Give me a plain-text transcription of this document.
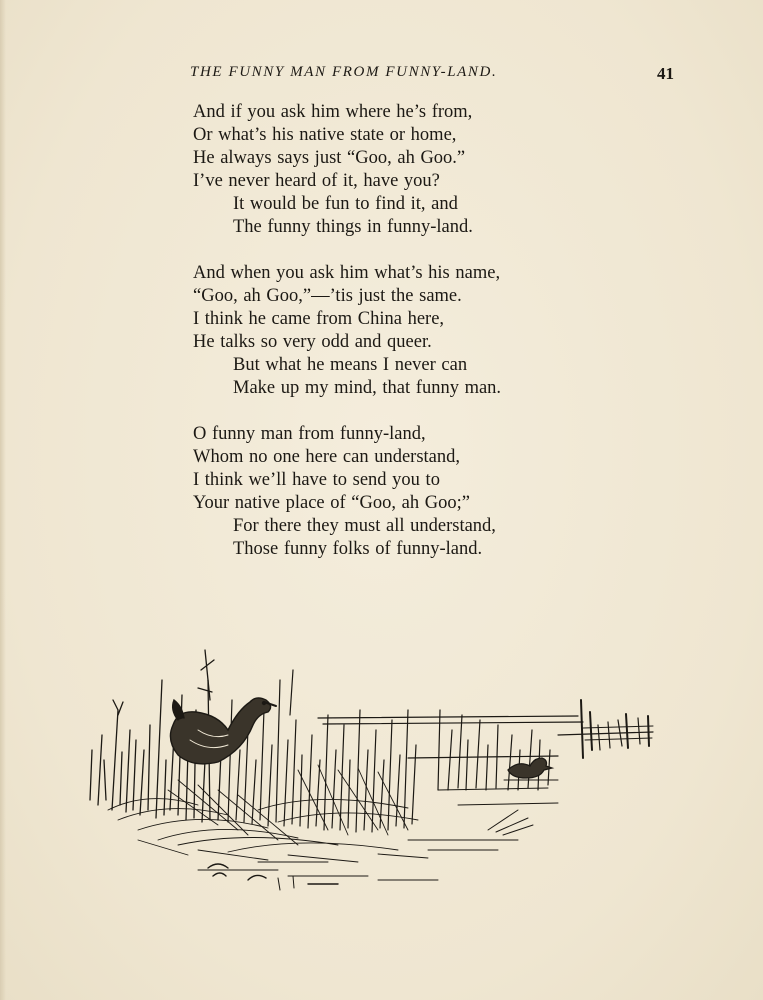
THE FUNNY MAN FROM FUNNY-LAND.	41
And if you ask him where he’s from,
Or what’s his native state or home,
He always says just “Goo, ah Goo.”
I’ve never heard of it, have you?
It would be fun to find it, and
The funny things in funny-land.
And when you ask him what’s his name,
“Goo, ah Goo,”—’tis just the same.
I think he came from China here,
He talks so very odd and queer.
But what he means I never can
Make up my mind, that funny man.
O funny man from funny-land,
Whom no one here can understand,
I think we’ll have to send you to
Your native place of “Goo, ah Goo;”
For there they must all understand,
Those funny folks of funny-land.
